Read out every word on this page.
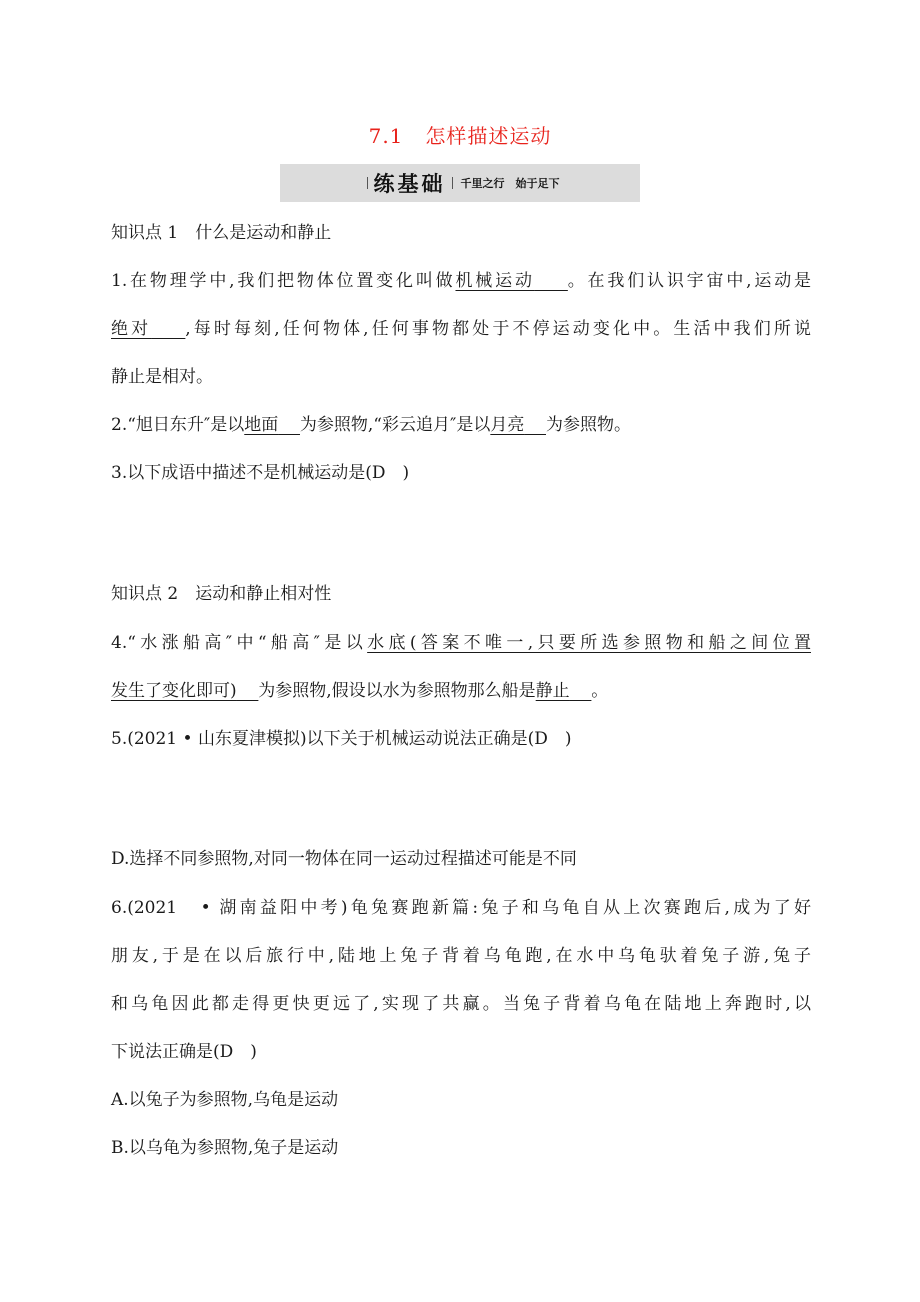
7.1 怎样描述运动
练基础 千里之行　始于足下
知识点 1　什么是运动和静止
1.在物理学中,我们把物体位置变化叫做机械运动 。在我们认识宇宙中,运动是
绝对 ,每时每刻,任何物体,任何事物都处于不停运动变化中。生活中我们所说
静止是相对。
2.“旭日东升″是以地面 为参照物,“彩云追月″是以月亮 为参照物。
3.以下成语中描述不是机械运动是(D　)
知识点 2　运动和静止相对性
4.“水涨船高″中“船高″是以水底(答案不唯一,只要所选参照物和船之间位置
发生了变化即可) 为参照物,假设以水为参照物那么船是静止 。
5.(2021 • 山东夏津模拟)以下关于机械运动说法正确是(D　)
D.选择不同参照物,对同一物体在同一运动过程描述可能是不同
6.(2021　• 湖南益阳中考)龟兔赛跑新篇:兔子和乌龟自从上次赛跑后,成为了好
朋友,于是在以后旅行中,陆地上兔子背着乌龟跑,在水中乌龟驮着兔子游,兔子
和乌龟因此都走得更快更远了,实现了共赢。当兔子背着乌龟在陆地上奔跑时,以
下说法正确是(D　)
A.以兔子为参照物,乌龟是运动
B.以乌龟为参照物,兔子是运动
